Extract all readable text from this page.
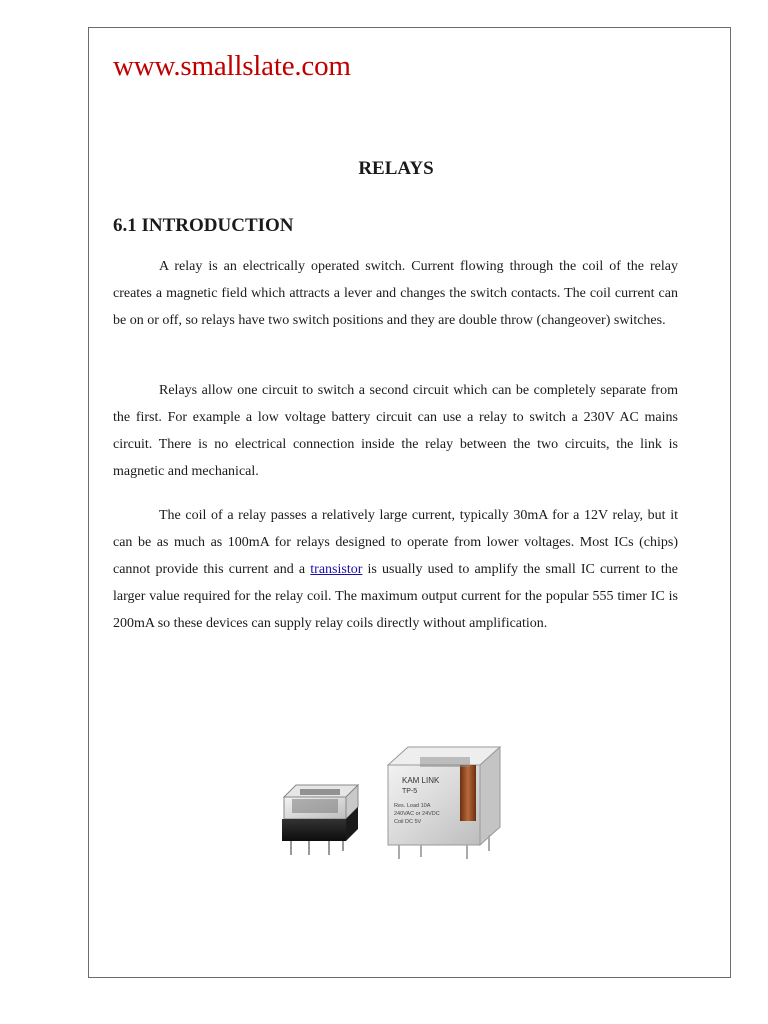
www.smallslate.com
RELAYS
6.1 INTRODUCTION

A relay is an electrically operated switch. Current flowing through the coil of the relay creates a magnetic field which attracts a lever and changes the switch contacts. The coil current can be on or off, so relays have two switch positions and they are double throw (changeover) switches.

Relays allow one circuit to switch a second circuit which can be completely separate from the first. For example a low voltage battery circuit can use a relay to switch a 230V AC mains circuit. There is no electrical connection inside the relay between the two circuits, the link is magnetic and mechanical.

The coil of a relay passes a relatively large current, typically 30mA for a 12V relay, but it can be as much as 100mA for relays designed to operate from lower voltages. Most ICs (chips) cannot provide this current and a transistor is usually used to amplify the small IC current to the larger value required for the relay coil. The maximum output current for the popular 555 timer IC is 200mA so these devices can supply relay coils directly without amplification.

KAM LINK
TP-5
Res. Load 10A
240VAC or 24VDC
Coil DC 5V
